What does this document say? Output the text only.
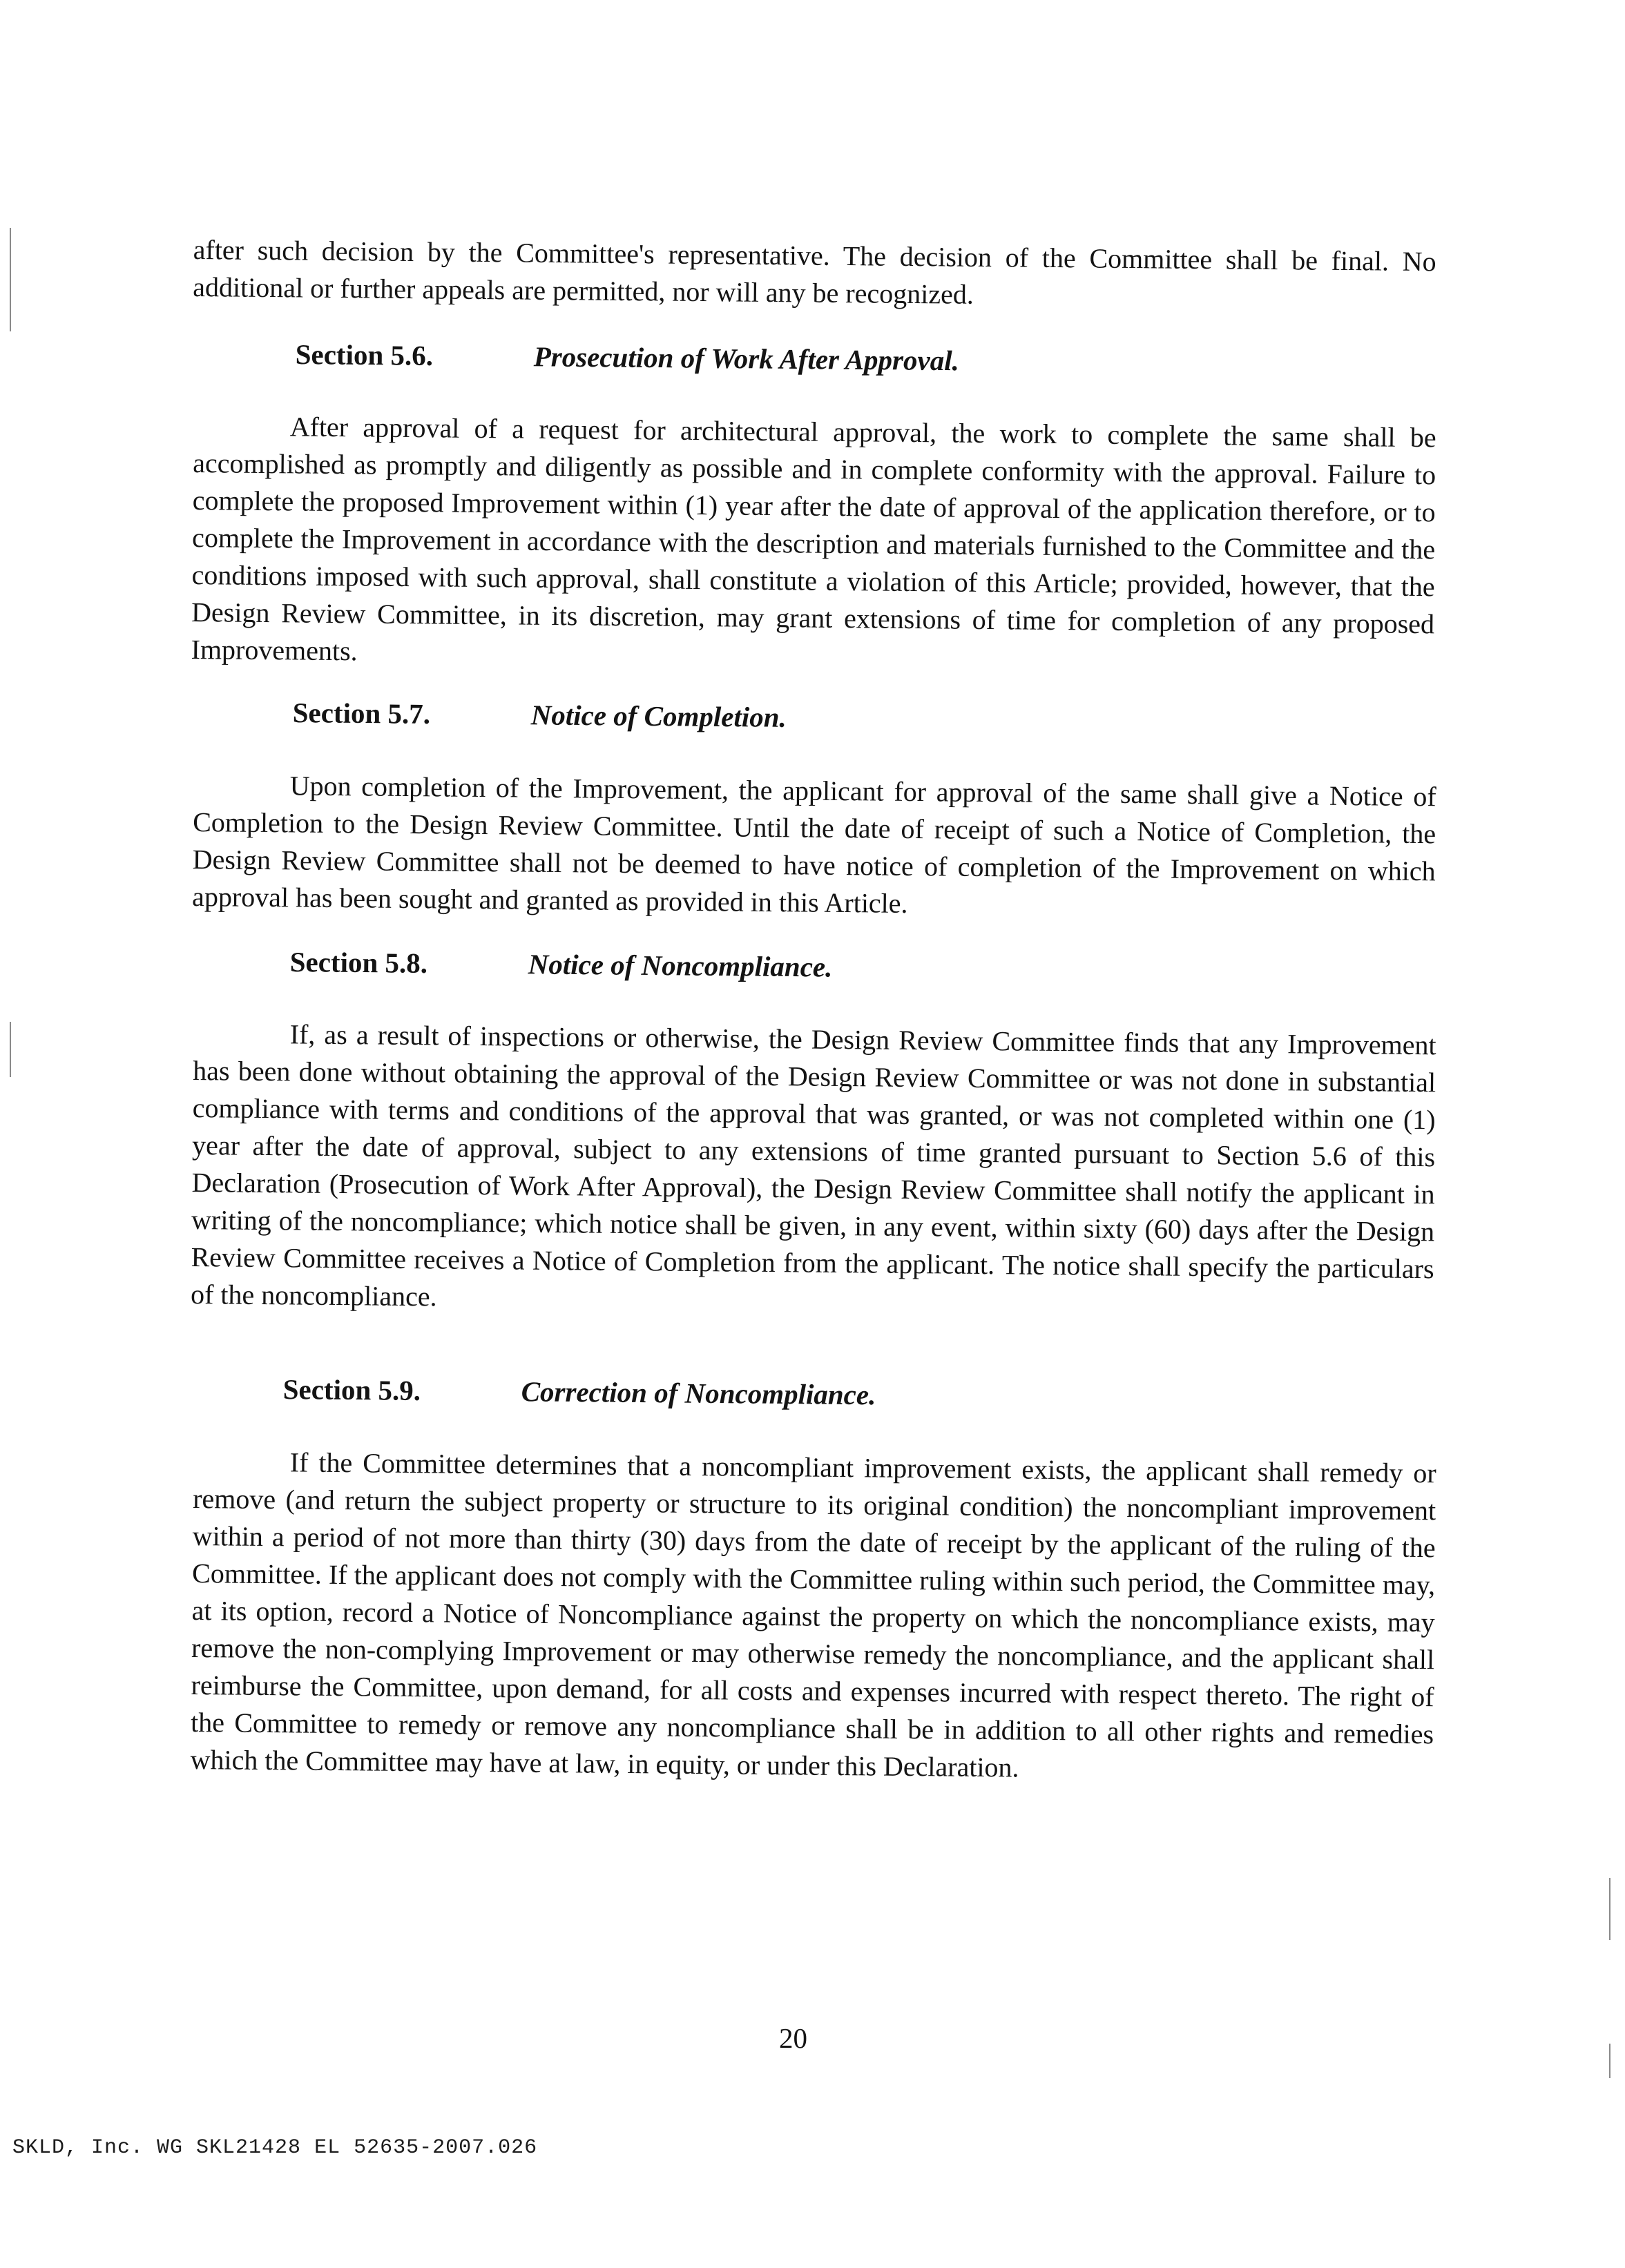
after such decision by the Committee's representative. The decision of the Committee shall be final. No additional or further appeals are permitted, nor will any be recognized.

Section 5.6.	Prosecution of Work After Approval.

After approval of a request for architectural approval, the work to complete the same shall be accomplished as promptly and diligently as possible and in complete conformity with the approval. Failure to complete the proposed Improvement within (1) year after the date of approval of the application therefore, or to complete the Improvement in accordance with the description and materials furnished to the Committee and the conditions imposed with such approval, shall constitute a violation of this Article; provided, however, that the Design Review Committee, in its discretion, may grant extensions of time for completion of any proposed Improvements.

Section 5.7.	Notice of Completion.

Upon completion of the Improvement, the applicant for approval of the same shall give a Notice of Completion to the Design Review Committee. Until the date of receipt of such a Notice of Completion, the Design Review Committee shall not be deemed to have notice of completion of the Improvement on which approval has been sought and granted as provided in this Article.

Section 5.8.	Notice of Noncompliance.

If, as a result of inspections or otherwise, the Design Review Committee finds that any Improvement has been done without obtaining the approval of the Design Review Committee or was not done in substantial compliance with terms and conditions of the approval that was granted, or was not completed within one (1) year after the date of approval, subject to any extensions of time granted pursuant to Section 5.6 of this Declaration (Prosecution of Work After Approval), the Design Review Committee shall notify the applicant in writing of the noncompliance; which notice shall be given, in any event, within sixty (60) days after the Design Review Committee receives a Notice of Completion from the applicant. The notice shall specify the particulars of the noncompliance.

Section 5.9.	Correction of Noncompliance.

If the Committee determines that a noncompliant improvement exists, the applicant shall remedy or remove (and return the subject property or structure to its original condition) the noncompliant improvement within a period of not more than thirty (30) days from the date of receipt by the applicant of the ruling of the Committee. If the applicant does not comply with the Committee ruling within such period, the Committee may, at its option, record a Notice of Noncompliance against the property on which the noncompliance exists, may remove the non-complying Improvement or may otherwise remedy the noncompliance, and the applicant shall reimburse the Committee, upon demand, for all costs and expenses incurred with respect thereto. The right of the Committee to remedy or remove any noncompliance shall be in addition to all other rights and remedies which the Committee may have at law, in equity, or under this Declaration.

20
SKLD, Inc. WG SKL21428 EL 52635-2007.026
